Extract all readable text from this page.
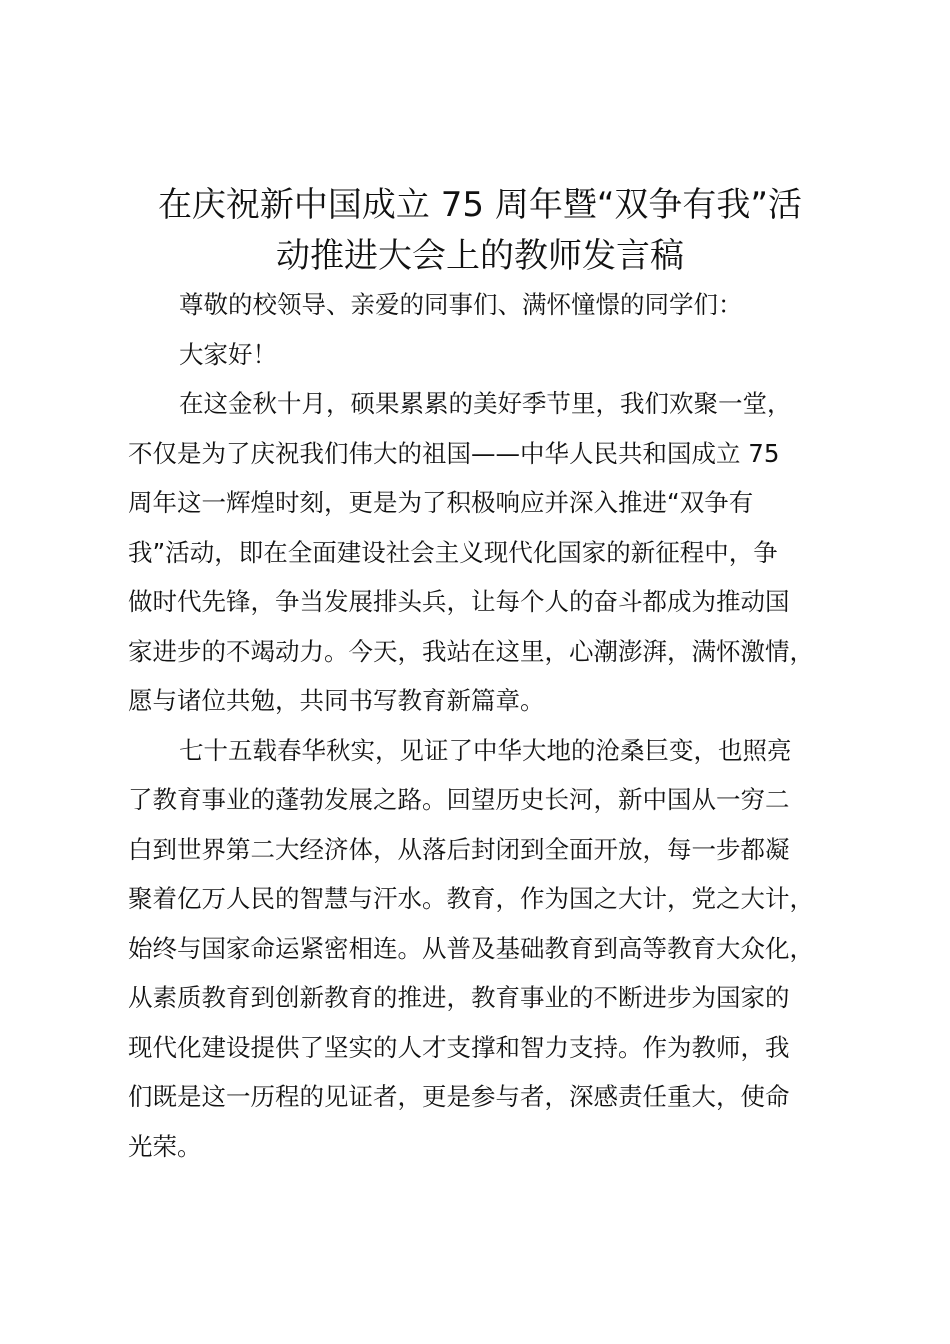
在庆祝新中国成立 75 周年暨“双争有我”活
动推进大会上的教师发言稿

尊敬的校领导、亲爱的同事们、满怀憧憬的同学们：

大家好！

在这金秋十月，硕果累累的美好季节里，我们欢聚一堂，
不仅是为了庆祝我们伟大的祖国——中华人民共和国成立 75
周年这一辉煌时刻，更是为了积极响应并深入推进“双争有
我”活动，即在全面建设社会主义现代化国家的新征程中，争
做时代先锋，争当发展排头兵，让每个人的奋斗都成为推动国
家进步的不竭动力。今天，我站在这里，心潮澎湃，满怀激情，
愿与诸位共勉，共同书写教育新篇章。

七十五载春华秋实，见证了中华大地的沧桑巨变，也照亮
了教育事业的蓬勃发展之路。回望历史长河，新中国从一穷二
白到世界第二大经济体，从落后封闭到全面开放，每一步都凝
聚着亿万人民的智慧与汗水。教育，作为国之大计，党之大计，
始终与国家命运紧密相连。从普及基础教育到高等教育大众化，
从素质教育到创新教育的推进，教育事业的不断进步为国家的
现代化建设提供了坚实的人才支撑和智力支持。作为教师，我
们既是这一历程的见证者，更是参与者，深感责任重大，使命
光荣。
